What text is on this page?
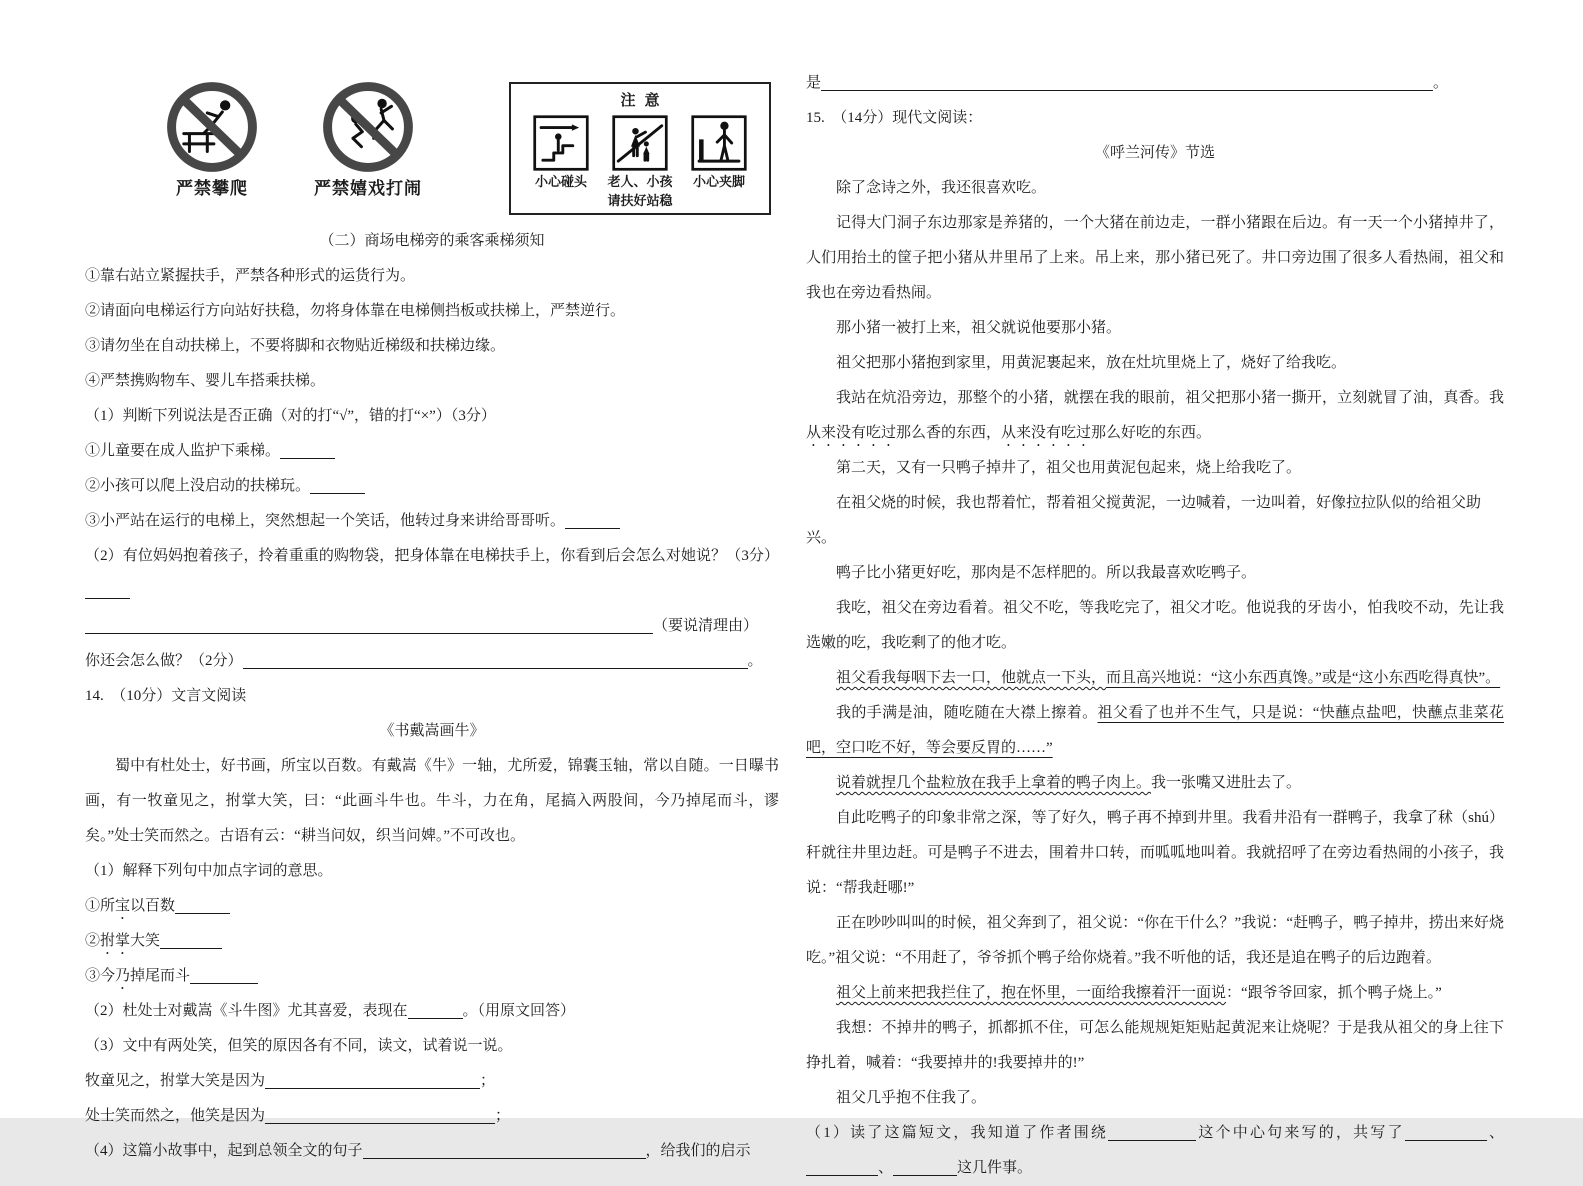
严禁攀爬	严禁嬉戏打闹
注意
小心碰头	老人、小孩
请扶好站稳
小心夹脚

（二）商场电梯旁的乘客乘梯须知

①靠右站立紧握扶手，严禁各种形式的运货行为。

②请面向电梯运行方向站好扶稳，勿将身体靠在电梯侧挡板或扶梯上，严禁逆行。

③请勿坐在自动扶梯上，不要将脚和衣物贴近梯级和扶梯边缘。

④严禁携购物车、婴儿车搭乘扶梯。

（1）判断下列说法是否正确（对的打“√”，错的打“×”）（3分）

①儿童要在成人监护下乘梯。

②小孩可以爬上没启动的扶梯玩。

③小严站在运行的电梯上，突然想起一个笑话，他转过身来讲给哥哥听。

（2）有位妈妈抱着孩子，拎着重重的购物袋，把身体靠在电梯扶手上，你看到后会怎么对她说？（3分）

（要说清理由）

你还会怎么做？（2分）	。

14.　（10分）文言文阅读

《书戴嵩画牛》

蜀中有杜处士，好书画，所宝以百数。有戴嵩《牛》一轴，尤所爱，锦囊玉轴，常以自随。一日曝书画，有一牧童见之，拊掌大笑，曰：“此画斗牛也。牛斗，力在角，尾搞入两股间，今乃掉尾而斗，谬矣。”处士笑而然之。古语有云：“耕当问奴，织当问婢。”不可改也。

（1）解释下列句中加点字词的意思。

①所宝以百数

②拊掌大笑

③今乃掉尾而斗

（2）杜处士对戴嵩《斗牛图》尤其喜爱，表现在	。（用原文回答）

（3）文中有两处笑，但笑的原因各有不同，读文，试着说一说。

牧童见之，拊掌大笑是因为	；

处士笑而然之，他笑是因为	；

（4）这篇小故事中，起到总领全文的句子	，给我们的启示

是	。

15.　（14分）现代文阅读：

《呼兰河传》节选

除了念诗之外，我还很喜欢吃。

记得大门洞子东边那家是养猪的，一个大猪在前边走，一群小猪跟在后边。有一天一个小猪掉井了，人们用抬土的筐子把小猪从井里吊了上来。吊上来，那小猪已死了。井口旁边围了很多人看热闹，祖父和我也在旁边看热闹。

那小猪一被打上来，祖父就说他要那小猪。

祖父把那小猪抱到家里，用黄泥裹起来，放在灶坑里烧上了，烧好了给我吃。

我站在炕沿旁边，那整个的小猪，就摆在我的眼前，祖父把那小猪一撕开，立刻就冒了油，真香。我从来没有吃过那么香的东西，从来没有吃过那么好吃的东西。

第二天，又有一只鸭子掉井了，祖父也用黄泥包起来，烧上给我吃了。

在祖父烧的时候，我也帮着忙，帮着祖父搅黄泥，一边喊着，一边叫着，好像拉拉队似的给祖父助兴。

鸭子比小猪更好吃，那肉是不怎样肥的。所以我最喜欢吃鸭子。

我吃，祖父在旁边看着。祖父不吃，等我吃完了，祖父才吃。他说我的牙齿小，怕我咬不动，先让我选嫩的吃，我吃剩了的他才吃。

祖父看我每咽下去一口，他就点一下头，而且高兴地说：“这小东西真馋。”或是“这小东西吃得真快”。

我的手满是油，随吃随在大襟上擦着。祖父看了也并不生气，只是说：“快蘸点盐吧，快蘸点韭菜花吧，空口吃不好，等会要反胃的……”

说着就捏几个盐粒放在我手上拿着的鸭子肉上。我一张嘴又进肚去了。

自此吃鸭子的印象非常之深，等了好久，鸭子再不掉到井里。我看井沿有一群鸭子，我拿了秫（shú）秆就往井里边赶。可是鸭子不进去，围着井口转，而呱呱地叫着。我就招呼了在旁边看热闹的小孩子，我说：“帮我赶哪!”

正在吵吵叫叫的时候，祖父奔到了，祖父说：“你在干什么？”我说：“赶鸭子，鸭子掉井，捞出来好烧吃。”祖父说：“不用赶了，爷爷抓个鸭子给你烧着。”我不听他的话，我还是追在鸭子的后边跑着。

祖父上前来把我拦住了，抱在怀里，一面给我擦着汗一面说：“跟爷爷回家，抓个鸭子烧上。”

我想：不掉井的鸭子，抓都抓不住，可怎么能规规矩矩贴起黄泥来让烧呢？于是我从祖父的身上往下挣扎着，喊着：“我要掉井的!我要掉井的!”

祖父几乎抱不住我了。

（1）读了这篇短文，我知道了作者围绕	这个中心句来写的，共写了	、、	这几件事。
